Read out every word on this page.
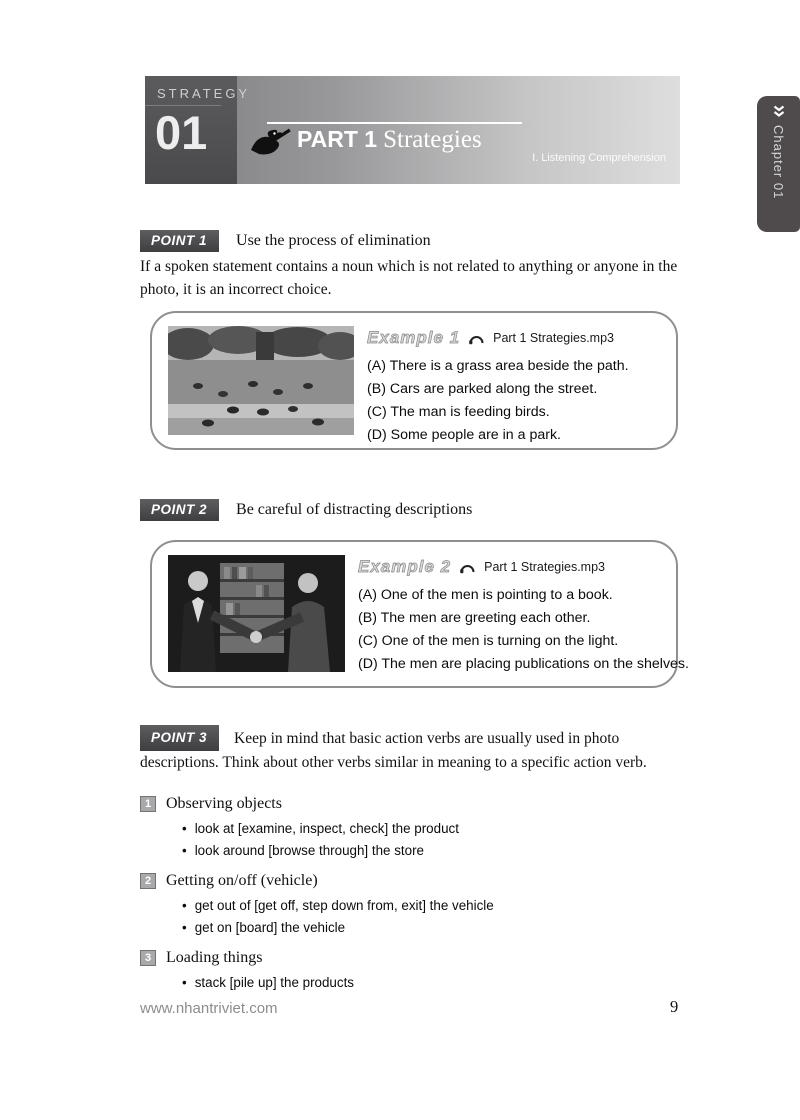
STRATEGY
01	PART 1 Strategies
I. Listening Comprehension	Chapter 01
POINT 1	Use the process of elimination

If a spoken statement contains a noun which is not related to anything or anyone in the photo, it is an incorrect choice.

Example 1	Part 1 Strategies.mp3
(A) There is a grass area beside the path.
(B) Cars are parked along the street.
(C) The man is feeding birds.
(D) Some people are in a park.
POINT 2	Be careful of distracting descriptions
Example 2	Part 1 Strategies.mp3
(A) One of the men is pointing to a book.
(B) The men are greeting each other.
(C) One of the men is turning on the light.
(D) The men are placing publications on the shelves.
POINT 3 Keep in mind that basic action verbs are usually used in photo descriptions. Think about other verbs similar in meaning to a specific action verb.
1 Observing objects
• look at [examine, inspect, check] the product
• look around [browse through] the store
2 Getting on/off (vehicle)
• get out of [get off, step down from, exit] the vehicle
• get on [board] the vehicle
3 Loading things
• stack [pile up] the products
www.nhantriviet.com	9
